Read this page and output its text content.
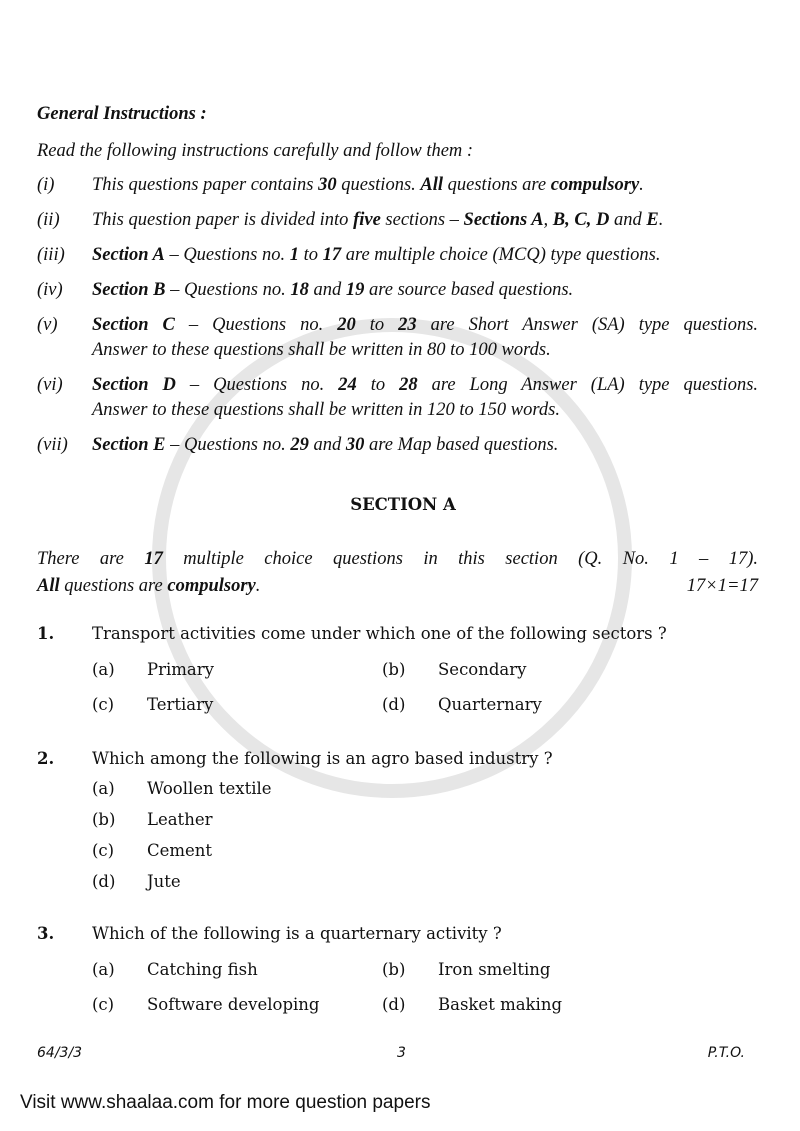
General Instructions :
Read the following instructions carefully and follow them :
(i) This questions paper contains 30 questions. All questions are compulsory.
(ii) This question paper is divided into five sections – Sections A, B, C, D and E.
(iii) Section A – Questions no. 1 to 17 are multiple choice (MCQ) type questions.
(iv) Section B – Questions no. 18 and 19 are source based questions.
(v) Section C – Questions no. 20 to 23 are Short Answer (SA) type questions.
Answer to these questions shall be written in 80 to 100 words.
(vi) Section D – Questions no. 24 to 28 are Long Answer (LA) type questions.
Answer to these questions shall be written in 120 to 150 words.
(vii) Section E – Questions no. 29 and 30 are Map based questions.
SECTION A
There are 17 multiple choice questions in this section (Q. No. 1 – 17).
All questions are compulsory.	17×1=17
1. Transport activities come under which one of the following sectors ?
(a) Primary	(b) Secondary
(c) Tertiary	(d) Quarternary
2. Which among the following is an agro based industry ?
(a) Woollen textile
(b) Leather
(c) Cement
(d) Jute
3. Which of the following is a quarternary activity ?
(a) Catching fish	(b) Iron smelting
(c) Software developing	(d) Basket making
64/3/3	3	P.T.O.
Visit www.shaalaa.com for more question papers
